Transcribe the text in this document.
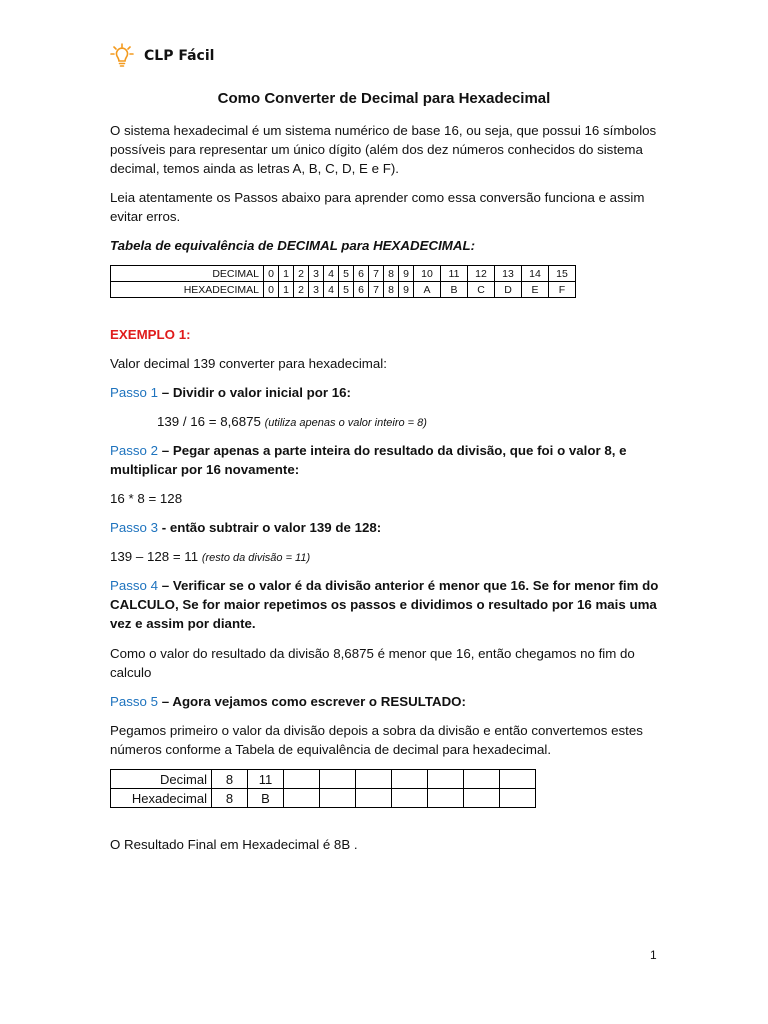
CLP Fácil
Como Converter de Decimal para Hexadecimal
O sistema hexadecimal é um sistema numérico de base 16, ou seja, que possui 16 símbolos possíveis para representar um único dígito (além dos dez números conhecidos do sistema decimal, temos ainda as letras A, B, C, D, E e F).
Leia atentamente os Passos abaixo para aprender como essa conversão funciona e assim evitar erros.
Tabela de equivalência de DECIMAL para HEXADECIMAL:
DECIMAL	0	1	2	3	4	5	6	7	8	9	10	11	12	13	14	15
HEXADECIMAL	0	1	2	3	4	5	6	7	8	9	A	B	C	D	E	F
EXEMPLO 1:
Valor decimal 139 converter para hexadecimal:
Passo 1 – Dividir o valor inicial por 16:
139 / 16 = 8,6875 (utiliza apenas o valor inteiro = 8)
Passo 2 – Pegar apenas a parte inteira do resultado da divisão, que foi o valor 8, e multiplicar por 16 novamente:
16 * 8 = 128
Passo 3 - então subtrair o valor 139 de 128:
139 – 128 = 11 (resto da divisão = 11)
Passo 4 – Verificar se o valor é da divisão anterior é menor que 16. Se for menor fim do CALCULO, Se for maior repetimos os passos e dividimos o resultado por 16 mais uma vez e assim por diante.
Como o valor do resultado da divisão 8,6875 é menor que 16, então chegamos no fim do calculo
Passo 5 – Agora vejamos como escrever o RESULTADO:
Pegamos primeiro o valor da divisão depois a sobra da divisão e então convertemos estes números conforme a Tabela de equivalência de decimal para hexadecimal.
Decimal	8	11							
Hexadecimal	8	B							
O Resultado Final em Hexadecimal é 8B .
1
